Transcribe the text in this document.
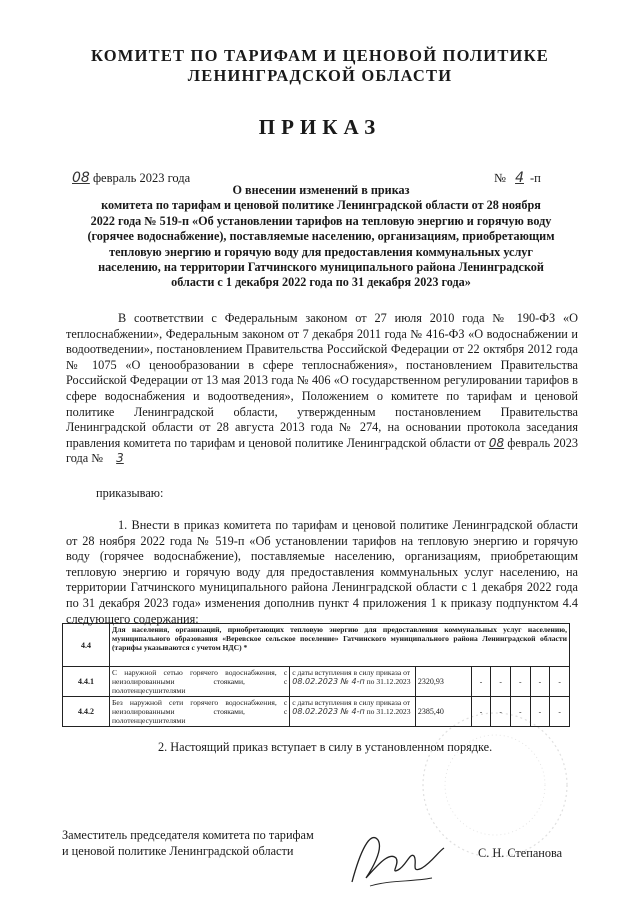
КОМИТЕТ ПО ТАРИФАМ И ЦЕНОВОЙ ПОЛИТИКЕ
ЛЕНИНГРАДСКОЙ ОБЛАСТИ
ПРИКАЗ
08 февраль 2023 года	№ 4 -п
О внесении изменений в приказ
комитета по тарифам и ценовой политике Ленинградской области от 28 ноября
2022 года № 519-п «Об установлении тарифов на тепловую энергию и горячую воду
(горячее водоснабжение), поставляемые населению, организациям, приобретающим
тепловую энергию и горячую воду для предоставления коммунальных услуг
населению, на территории Гатчинского муниципального района Ленинградской
области с 1 декабря 2022 года по 31 декабря 2023 года»
В соответствии с Федеральным законом от 27 июля 2010 года № 190-ФЗ «О теплоснабжении», Федеральным законом от 7 декабря 2011 года № 416-ФЗ «О водоснабжении и водоотведении», постановлением Правительства Российской Федерации от 22 октября 2012 года № 1075 «О ценообразовании в сфере теплоснабжения», постановлением Правительства Российской Федерации от 13 мая 2013 года № 406 «О государственном регулировании тарифов в сфере водоснабжения и водоотведения», Положением о комитете по тарифам и ценовой политике Ленинградской области, утвержденным постановлением Правительства Ленинградской области от 28 августа 2013 года № 274, на основании протокола заседания правления комитета по тарифам и ценовой политике Ленинградской области от 08 февраль 2023 года № 3
приказываю:
1. Внести в приказ комитета по тарифам и ценовой политике Ленинградской области от 28 ноября 2022 года № 519-п «Об установлении тарифов на тепловую энергию и горячую воду (горячее водоснабжение), поставляемые населению, организациям, приобретающим тепловую энергию и горячую воду для предоставления коммунальных услуг населению, на территории Гатчинского муниципального района Ленинградской области с 1 декабря 2022 года по 31 декабря 2023 года» изменения дополнив пункт 4 приложения 1 к приказу подпунктом 4.4 следующего содержания:
4.4	Для населения, организаций, приобретающих тепловую энергию для предоставления коммунальных услуг населению, муниципального образования «Веревское сельское поселение» Гатчинского муниципального района Ленинградской области (тарифы указываются с учетом НДС) *							
4.4.1	С наружной сетью горячего водоснабжения, с неизолированными стояками, с полотенцесушителями	с даты вступления в силу приказа от 08.02.2023 № 4-п по 31.12.2023	2320,93	-	-	-	-	-
4.4.2	Без наружной сети горячего водоснабжения, с неизолированными стояками, с полотенцесушителями	с даты вступления в силу приказа от 08.02.2023 № 4-п по 31.12.2023	2385,40	-	-	-	-	-
2. Настоящий приказ вступает в силу в установленном порядке.
Заместитель председателя комитета по тарифам
и ценовой политике Ленинградской области	С. Н. Степанова
